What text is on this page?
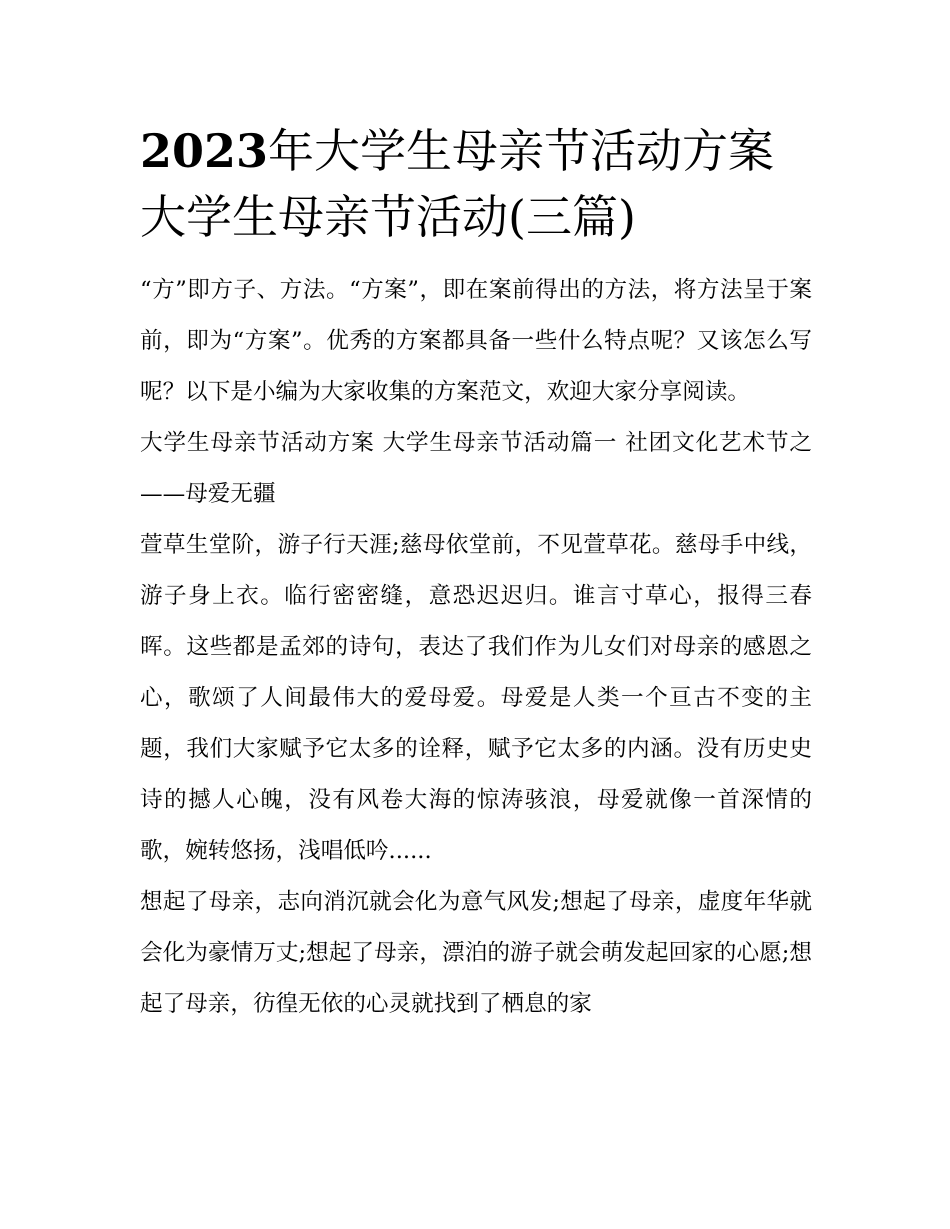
2023年大学生母亲节活动方案
大学生母亲节活动(三篇)

“方”即方子、方法。“方案”，即在案前得出的方法，将方法呈于案前，即为“方案”。优秀的方案都具备一些什么特点呢？又该怎么写呢？以下是小编为大家收集的方案范文，欢迎大家分享阅读。

大学生母亲节活动方案 大学生母亲节活动篇一 社团文化艺术节之——母爱无疆

萱草生堂阶，游子行天涯;慈母依堂前，不见萱草花。慈母手中线，游子身上衣。临行密密缝，意恐迟迟归。谁言寸草心，报得三春晖。这些都是孟郊的诗句，表达了我们作为儿女们对母亲的感恩之心，歌颂了人间最伟大的爱母爱。母爱是人类一个亘古不变的主题，我们大家赋予它太多的诠释，赋予它太多的内涵。没有历史史诗的撼人心魄，没有风卷大海的惊涛骇浪，母爱就像一首深情的歌，婉转悠扬，浅唱低吟......

想起了母亲，志向消沉就会化为意气风发;想起了母亲，虚度年华就会化为豪情万丈;想起了母亲，漂泊的游子就会萌发起回家的心愿;想起了母亲，彷徨无依的心灵就找到了栖息的家
